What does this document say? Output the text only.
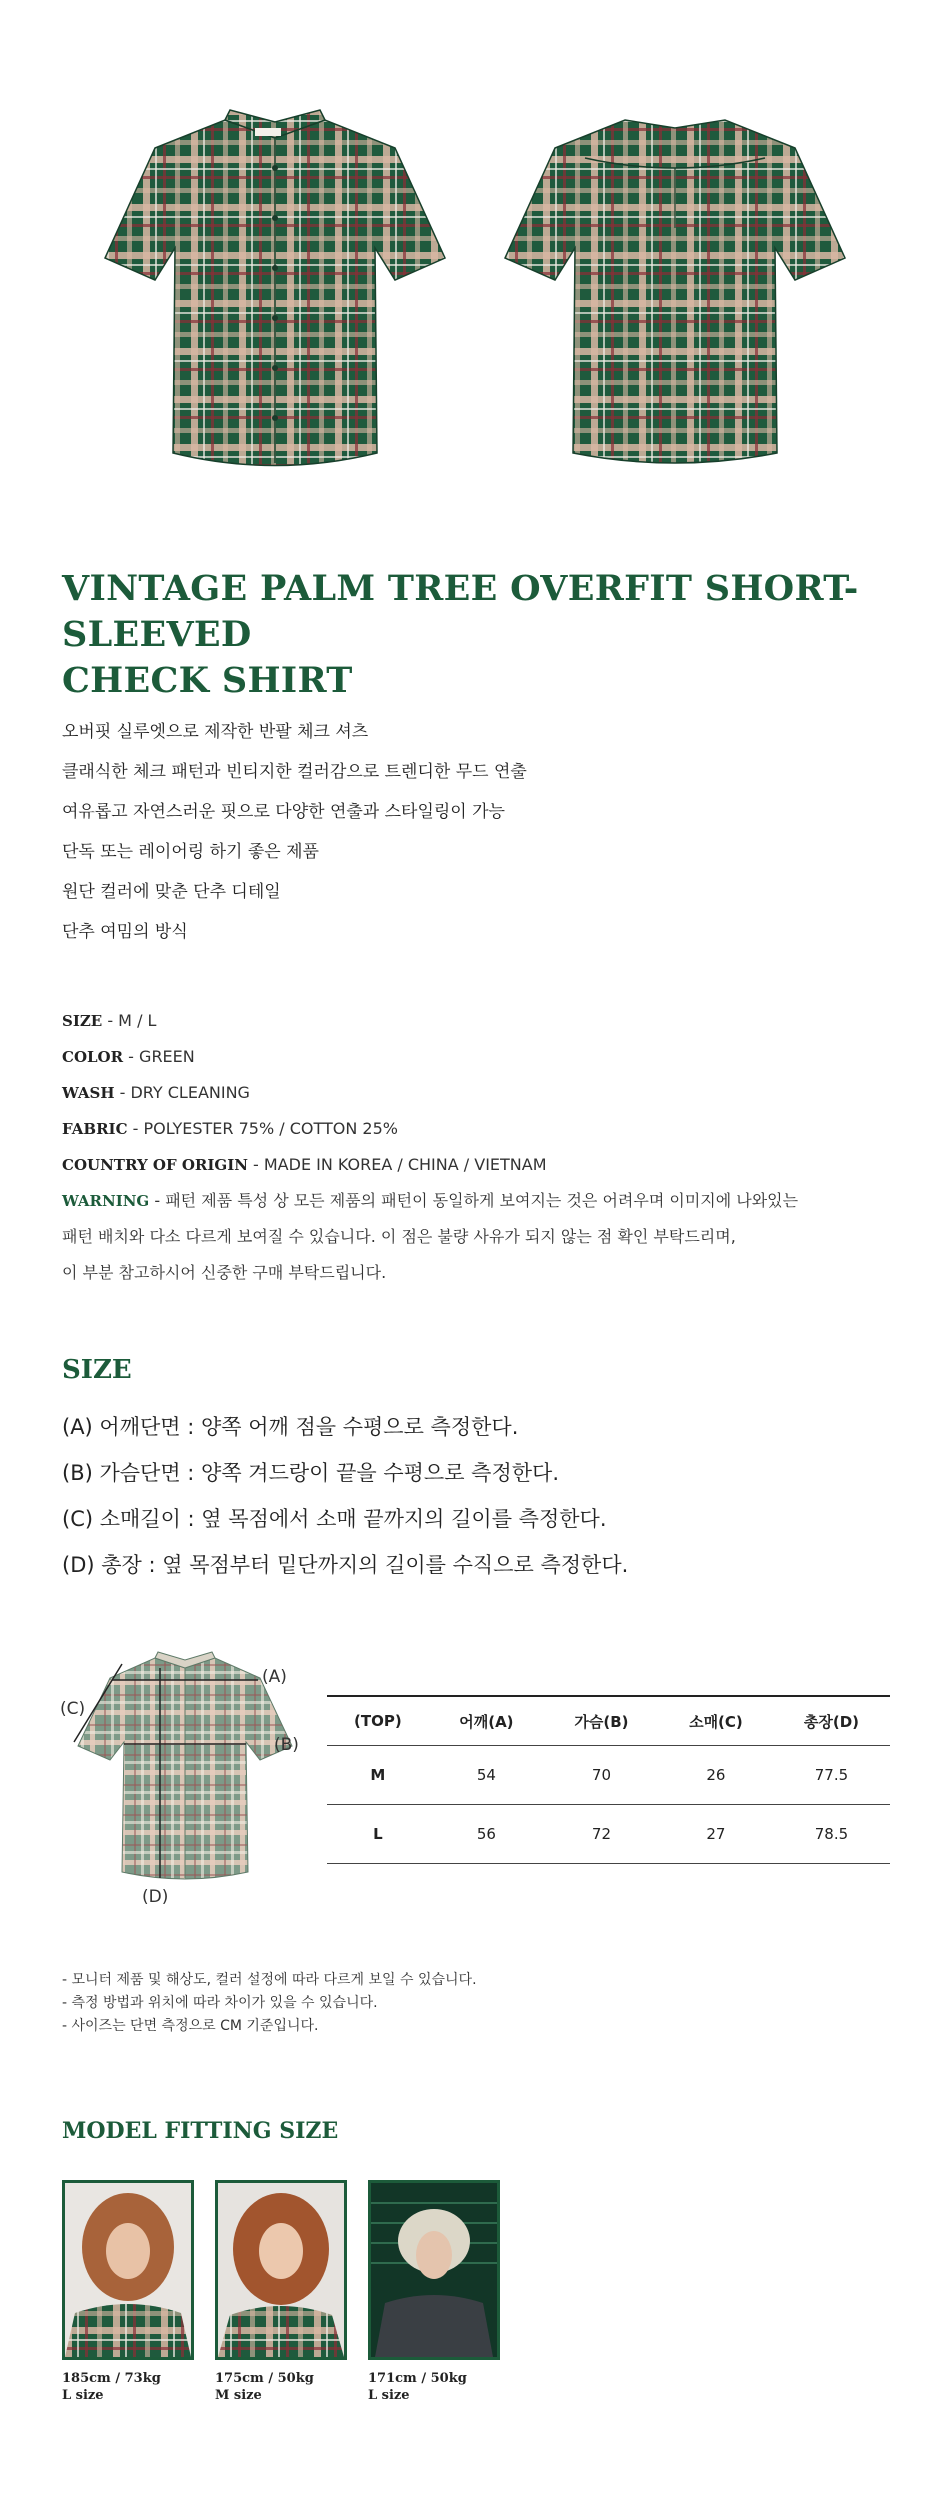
VINTAGE PALM TREE OVERFIT SHORT-SLEEVED
CHECK SHIRT
오버핏 실루엣으로 제작한 반팔 체크 셔츠
클래식한 체크 패턴과 빈티지한 컬러감으로 트렌디한 무드 연출
여유롭고 자연스러운 핏으로 다양한 연출과 스타일링이 가능
단독 또는 레이어링 하기 좋은 제품
원단 컬러에 맞춘 단추 디테일
단추 여밈의 방식
SIZE - M / L
COLOR - GREEN
WASH - DRY CLEANING
FABRIC - POLYESTER 75% / COTTON 25%
COUNTRY OF ORIGIN - MADE IN KOREA / CHINA / VIETNAM
WARNING - 패턴 제품 특성 상 모든 제품의 패턴이 동일하게 보여지는 것은 어려우며 이미지에 나와있는
패턴 배치와 다소 다르게 보여질 수 있습니다. 이 점은 불량 사유가 되지 않는 점 확인 부탁드리며,
이 부분 참고하시어 신중한 구매 부탁드립니다.
SIZE
(A) 어깨단면 : 양쪽 어깨 점을 수평으로 측정한다.
(B) 가슴단면 : 양쪽 겨드랑이 끝을 수평으로 측정한다.
(C) 소매길이 : 옆 목점에서 소매 끝까지의 길이를 측정한다.
(D) 총장 : 옆 목점부터 밑단까지의 길이를 수직으로 측정한다.
(A)
(B)
(C)
(D)
(TOP)	어깨(A)	가슴(B)	소매(C)	총장(D)
M	54	70	26	77.5
L	56	72	27	78.5
- 모니터 제품 및 해상도, 컬러 설정에 따라 다르게 보일 수 있습니다.
- 측정 방법과 위치에 따라 차이가 있을 수 있습니다.
- 사이즈는 단면 측정으로 CM 기준입니다.
MODEL FITTING SIZE
185cm / 73kg
L size
175cm / 50kg
M size
171cm / 50kg
L size
